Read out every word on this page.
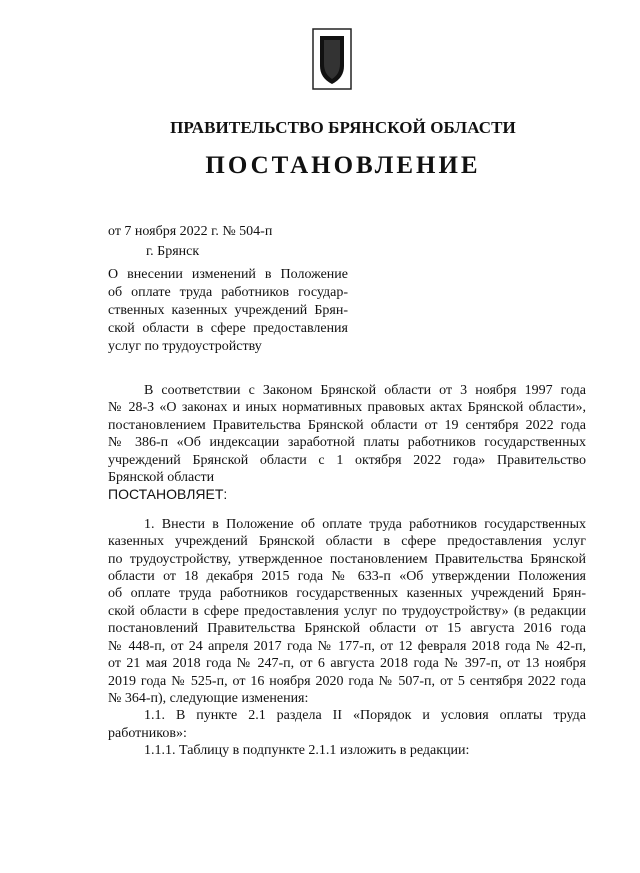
ПРАВИТЕЛЬСТВО БРЯНСКОЙ ОБЛАСТИ
ПОСТАНОВЛЕНИЕ
от 7 ноября 2022 г. № 504-п
г. Брянск
О внесении изменений в Положение
об оплате труда работников государ-
ственных казенных учреждений Брян-
ской области в сфере предоставления
услуг по трудоустройству
В соответствии с Законом Брянской области от 3 ноября 1997 года
№ 28-З «О законах и иных нормативных правовых актах Брянской области»,
постановлением Правительства Брянской области от 19 сентября 2022 года
№ 386-п «Об индексации заработной платы работников государственных
учреждений Брянской области с 1 октября 2022 года» Правительство
Брянской области
ПОСТАНОВЛЯЕТ:
1. Внести в Положение об оплате труда работников государственных
казенных учреждений Брянской области в сфере предоставления услуг
по трудоустройству, утвержденное постановлением Правительства Брянской
области от 18 декабря 2015 года № 633-п «Об утверждении Положения
об оплате труда работников государственных казенных учреждений Брян-
ской области в сфере предоставления услуг по трудоустройству» (в редакции
постановлений Правительства Брянской области от 15 августа 2016 года
№ 448-п, от 24 апреля 2017 года № 177-п, от 12 февраля 2018 года № 42-п,
от 21 мая 2018 года № 247-п, от 6 августа 2018 года № 397-п, от 13 ноября
2019 года № 525-п, от 16 ноября 2020 года № 507-п, от 5 сентября 2022 года
№ 364-п), следующие изменения:
1.1. В пункте 2.1 раздела II «Порядок и условия оплаты труда
работников»:
1.1.1. Таблицу в подпункте 2.1.1 изложить в редакции:
